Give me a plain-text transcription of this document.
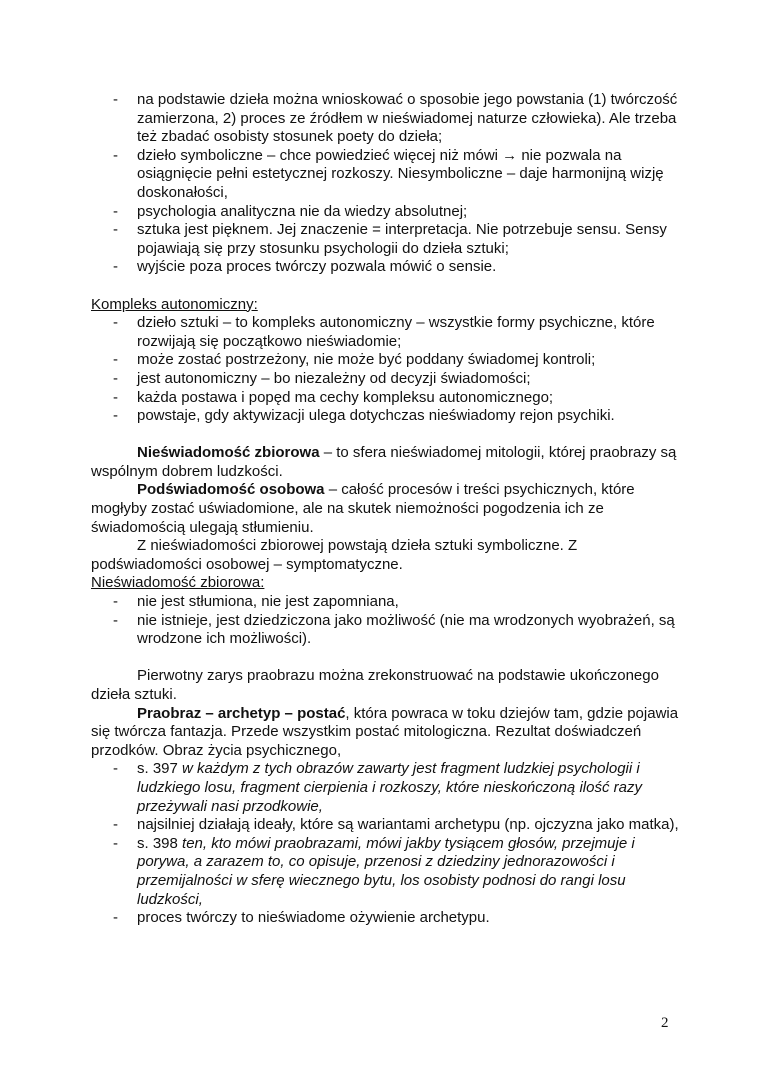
- na podstawie dzieła można wnioskować o sposobie jego powstania (1) twórczość zamierzona, 2) proces ze źródłem w nieświadomej naturze człowieka). Ale trzeba też zbadać osobisty stosunek poety do dzieła;
- dzieło symboliczne – chce powiedzieć więcej niż mówi → nie pozwala na osiągnięcie pełni estetycznej rozkoszy. Niesymboliczne – daje harmonijną wizję doskonałości,
- psychologia analityczna nie da wiedzy absolutnej;
- sztuka jest pięknem. Jej znaczenie = interpretacja. Nie potrzebuje sensu. Sensy pojawiają się przy stosunku psychologii do dzieła sztuki;
- wyjście poza proces twórczy pozwala mówić o sensie.
Kompleks autonomiczny:
- dzieło sztuki – to kompleks autonomiczny – wszystkie formy psychiczne, które rozwijają się początkowo nieświadomie;
- może zostać postrzeżony, nie może być poddany świadomej kontroli;
- jest autonomiczny – bo niezależny od decyzji świadomości;
- każda postawa i popęd ma cechy kompleksu autonomicznego;
- powstaje, gdy aktywizacji ulega dotychczas nieświadomy rejon psychiki.
Nieświadomość zbiorowa – to sfera nieświadomej mitologii, której praobrazy są wspólnym dobrem ludzkości.
Podświadomość osobowa – całość procesów i treści psychicznych, które mogłyby zostać uświadomione, ale na skutek niemożności pogodzenia ich ze świadomością ulegają stłumieniu.
Z nieświadomości zbiorowej powstają dzieła sztuki symboliczne. Z podświadomości osobowej – symptomatyczne.
Nieświadomość zbiorowa:
- nie jest stłumiona, nie jest zapomniana,
- nie istnieje, jest dziedziczona jako możliwość (nie ma wrodzonych wyobrażeń, są wrodzone ich możliwości).
Pierwotny zarys praobrazu można zrekonstruować na podstawie ukończonego dzieła sztuki.
Praobraz – archetyp – postać, która powraca w toku dziejów tam, gdzie pojawia się twórcza fantazja. Przede wszystkim postać mitologiczna. Rezultat doświadczeń przodków. Obraz życia psychicznego,
- s. 397 w każdym z tych obrazów zawarty jest fragment ludzkiej psychologii i ludzkiego losu, fragment cierpienia i rozkoszy, które nieskończoną ilość razy przeżywali nasi przodkowie,
- najsilniej działają ideały, które są wariantami archetypu (np. ojczyzna jako matka),
- s. 398 ten, kto mówi praobrazami, mówi jakby tysiącem głosów, przejmuje i porywa, a zarazem to, co opisuje, przenosi z dziedziny jednorazowości i przemijalności w sferę wiecznego bytu, los osobisty podnosi do rangi losu ludzkości,
- proces twórczy to nieświadome ożywienie archetypu.
2
